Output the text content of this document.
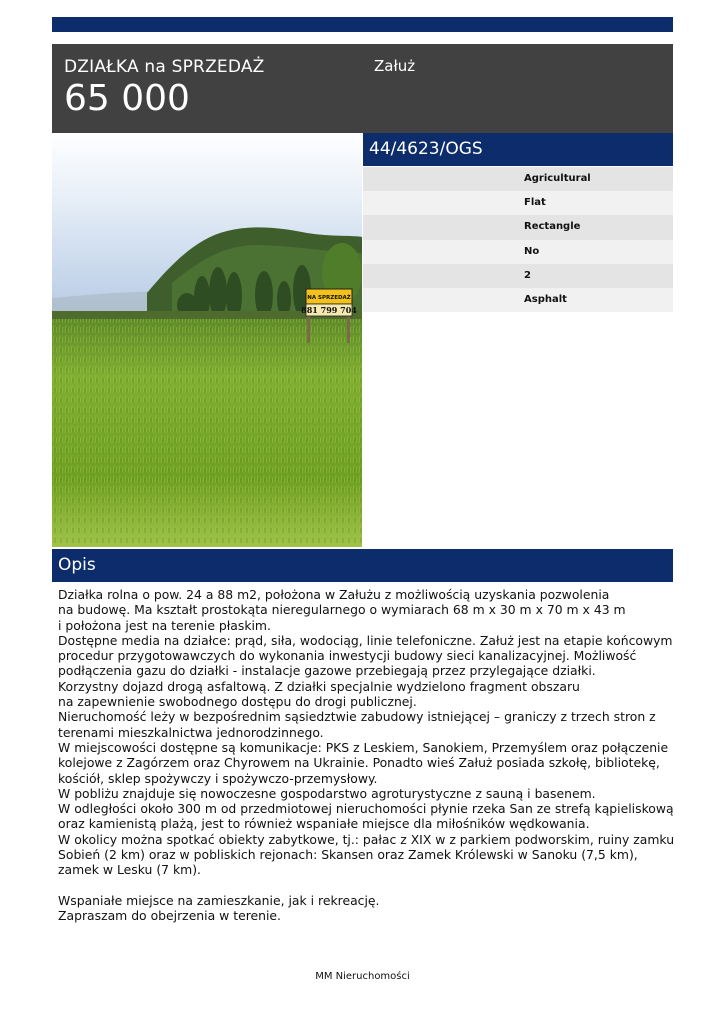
DZIAŁKA na SPRZEDAŻ
65 000
Załuż
NA SPRZEDAŻ
881 799 704
44/4623/OGS
Agricultural
Flat
Rectangle
No
2
Asphalt
Opis

Działka rolna o pow. 24 a 88 m2, położona w Załużu z możliwością uzyskania pozwolenia

na budowę. Ma kształt prostokąta nieregularnego o wymiarach 68 m x 30 m x 70 m x 43 m

i położona jest na terenie płaskim.

Dostępne media na działce: prąd, siła, wodociąg, linie telefoniczne. Załuż jest na etapie końcowym

procedur przygotowawczych do wykonania inwestycji budowy sieci kanalizacyjnej. Możliwość

podłączenia gazu do działki - instalacje gazowe przebiegają przez przylegające działki.

Korzystny dojazd drogą asfaltową. Z działki specjalnie wydzielono fragment obszaru

na zapewnienie swobodnego dostępu do drogi publicznej.

Nieruchomość leży w bezpośrednim sąsiedztwie zabudowy istniejącej – graniczy z trzech stron z

terenami mieszkalnictwa jednorodzinnego.

W miejscowości dostępne są komunikacje: PKS z Leskiem, Sanokiem, Przemyślem oraz połączenie

kolejowe z Zagórzem oraz Chyrowem na Ukrainie. Ponadto wieś Załuż posiada szkołę, bibliotekę,

kościół, sklep spożywczy i spożywczo-przemysłowy.

W pobliżu znajduje się nowoczesne gospodarstwo agroturystyczne z sauną i basenem.

W odległości około 300 m od przedmiotowej nieruchomości płynie rzeka San ze strefą kąpieliskową

oraz kamienistą plażą, jest to również wspaniałe miejsce dla miłośników wędkowania.

W okolicy można spotkać obiekty zabytkowe, tj.: pałac z XIX w z parkiem podworskim, ruiny zamku

Sobień (2 km) oraz w pobliskich rejonach: Skansen oraz Zamek Królewski w Sanoku (7,5 km),

zamek w Lesku (7 km).

Wspaniałe miejsce na zamieszkanie, jak i rekreację.

Zapraszam do obejrzenia w terenie.

MM Nieruchomości
